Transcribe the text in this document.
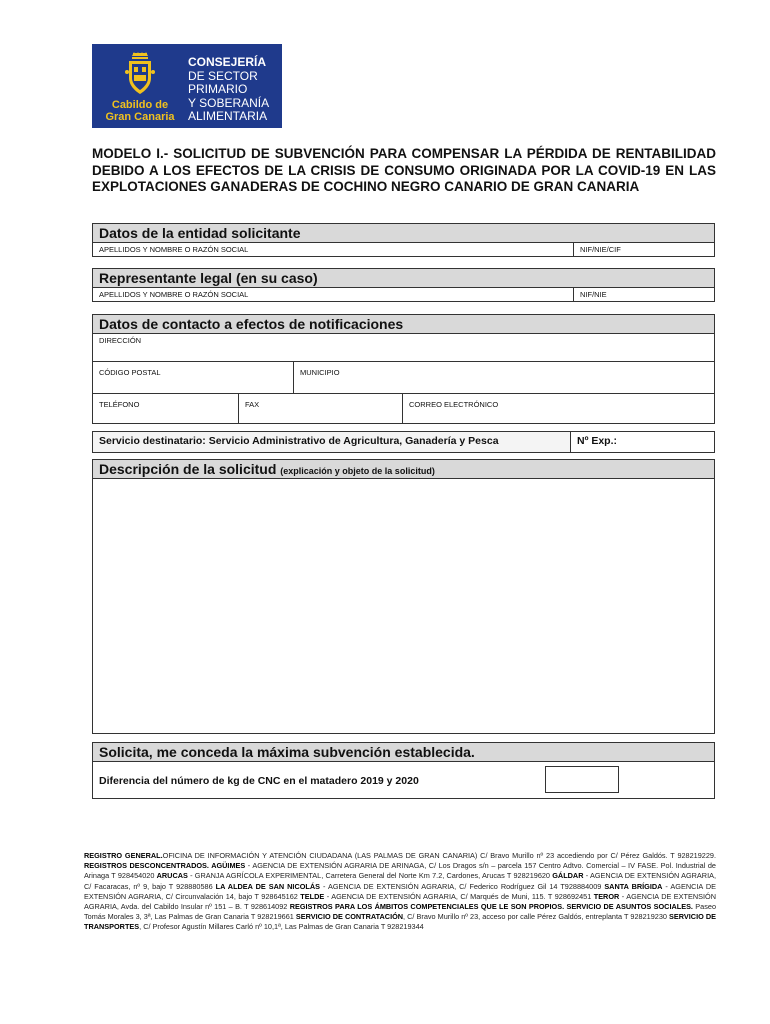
Cabildo de
Gran Canaria
CONSEJERÍA
DE SECTOR
PRIMARIO
Y SOBERANÍA
ALIMENTARIA
MODELO I.- SOLICITUD DE SUBVENCIÓN PARA COMPENSAR LA PÉRDIDA DE RENTABILIDAD DEBIDO A LOS EFECTOS DE LA CRISIS DE CONSUMO ORIGINADA POR LA COVID-19 EN LAS EXPLOTACIONES GANADERAS DE COCHINO NEGRO CANARIO DE GRAN CANARIA
Datos de la entidad solicitante
APELLIDOS Y NOMBRE O RAZÓN SOCIAL	NIF/NIE/CIF
Representante legal (en su caso)
APELLIDOS Y NOMBRE O RAZÓN SOCIAL	NIF/NIE
Datos de contacto a efectos de notificaciones
DIRECCIÓN
CÓDIGO POSTAL	MUNICIPIO
TELÉFONO	FAX	CORREO ELECTRÓNICO
Servicio destinatario: Servicio Administrativo de Agricultura, Ganadería y Pesca	Nº Exp.:
Descripción de la solicitud (explicación y objeto de la solicitud)
Solicita, me conceda la máxima subvención establecida.
Diferencia del número de kg de CNC en el matadero 2019 y 2020

REGISTRO GENERAL.OFICINA DE INFORMACIÓN Y ATENCIÓN CIUDADANA (LAS PALMAS DE GRAN CANARIA) C/ Bravo Murillo nº 23 accediendo por C/ Pérez Galdós. T 928219229. REGISTROS DESCONCENTRADOS. AGÜIMES - AGENCIA DE EXTENSIÓN AGRARIA DE ARINAGA, C/ Los Dragos s/n – parcela 157 Centro Adtvo. Comercial – IV FASE. Pol. Industrial de Arinaga T 928454020 ARUCAS - GRANJA AGRÍCOLA EXPERIMENTAL, Carretera General del Norte Km 7.2, Cardones, Arucas T 928219620 GÁLDAR - AGENCIA DE EXTENSIÓN AGRARIA, C/ Facaracas, nº 9, bajo T 928880586 LA ALDEA DE SAN NICOLÁS - AGENCIA DE EXTENSIÓN AGRARIA, C/ Federico Rodríguez Gil 14 T928884009 SANTA BRÍGIDA - AGENCIA DE EXTENSIÓN AGRARIA, C/ Circunvalación 14, bajo T 928645162 TELDE - AGENCIA DE EXTENSIÓN AGRARIA, C/ Marqués de Muni, 115. T 928692451 TEROR - AGENCIA DE EXTENSIÓN AGRARIA, Avda. del Cabildo Insular nº 151 – B. T 928614092 REGISTROS PARA LOS ÁMBITOS COMPETENCIALES QUE LE SON PROPIOS. SERVICIO DE ASUNTOS SOCIALES. Paseo Tomás Morales 3, 3ª, Las Palmas de Gran Canaria T 928219661 SERVICIO DE CONTRATACIÓN, C/ Bravo Murillo nº 23, acceso por calle Pérez Galdós, entreplanta T 928219230 SERVICIO DE TRANSPORTES, C/ Profesor Agustín Millares Carló nº 10,1ª, Las Palmas de Gran Canaria T 928219344
